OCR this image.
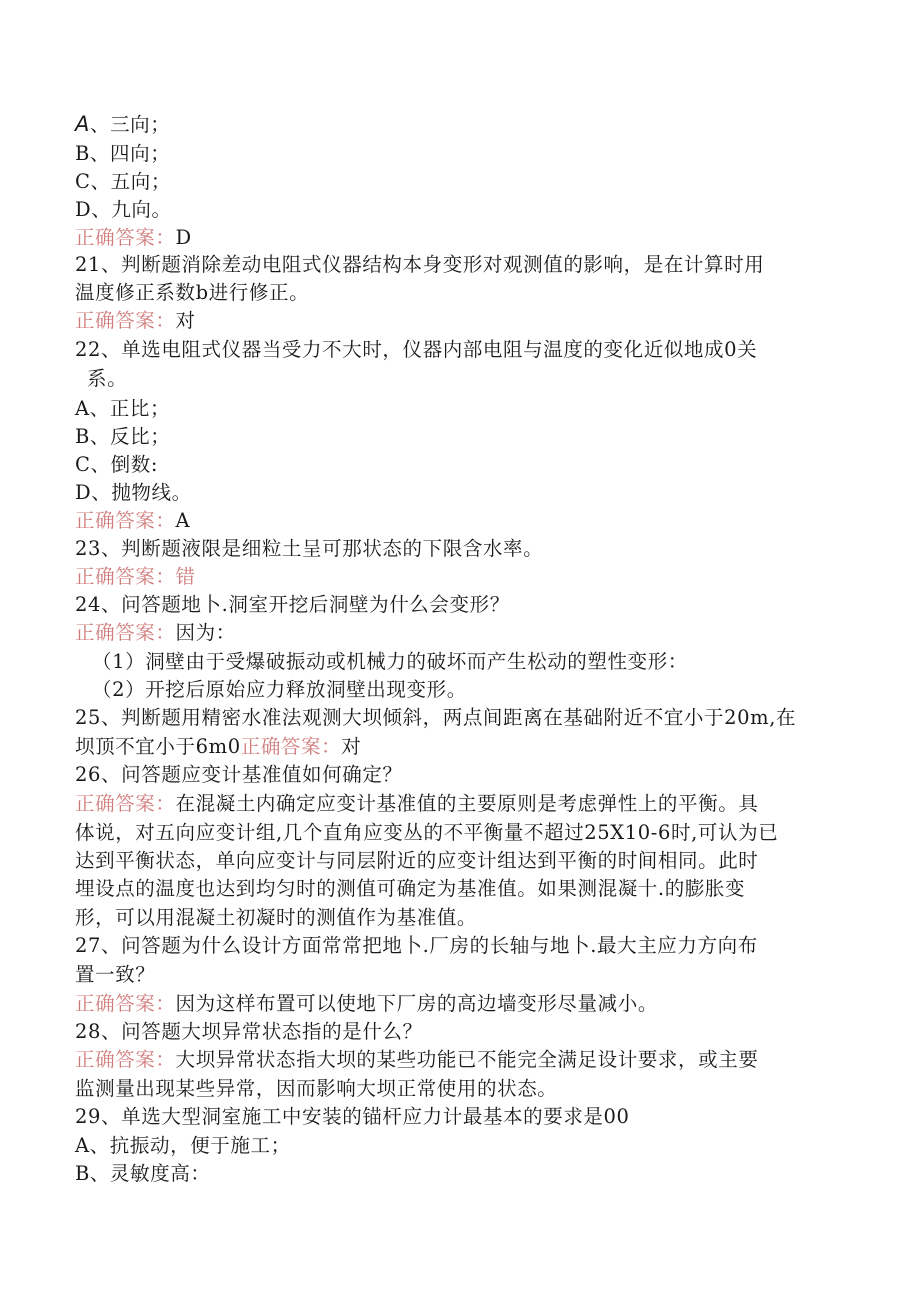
A、三向；
B、四向；
C、五向；
D、九向。
正确答案：D
21、判断题消除差动电阻式仪器结构本身变形对观测值的影响，是在计算时用
温度修正系数b进行修正。
正确答案：对
22、单选电阻式仪器当受力不大时，仪器内部电阻与温度的变化近似地成0关
系。
A、正比；
B、反比；
C、倒数:
D、抛物线。
正确答案：A
23、判断题液限是细粒土呈可那状态的下限含水率。
正确答案：错
24、问答题地卜.洞室开挖后洞壁为什么会变形？
正确答案：因为：
（1）洞壁由于受爆破振动或机械力的破坏而产生松动的塑性变形：
（2）开挖后原始应力释放洞壁出现变形。
25、判断题用精密水准法观测大坝倾斜，两点间距离在基础附近不宜小于20m,在
坝顶不宜小于6m0正确答案：对
26、问答题应变计基准值如何确定？
正确答案：在混凝土内确定应变计基准值的主要原则是考虑弹性上的平衡。具
体说，对五向应变计组,几个直角应变丛的不平衡量不超过25X10-6时,可认为已
达到平衡状态，单向应变计与同层附近的应变计组达到平衡的时间相同。此时
埋设点的温度也达到均匀时的测值可确定为基准值。如果测混凝十.的膨胀变
形，可以用混凝土初凝时的测值作为基准值。
27、问答题为什么设计方面常常把地卜.厂房的长轴与地卜.最大主应力方向布
置一致？
正确答案：因为这样布置可以使地下厂房的高边墙变形尽量减小。
28、问答题大坝异常状态指的是什么？
正确答案：大坝异常状态指大坝的某些功能已不能完全满足设计要求，或主要
监测量出现某些异常，因而影响大坝正常使用的状态。
29、单选大型洞室施工中安装的锚杆应力计最基本的要求是00
A、抗振动，便于施工；
B、灵敏度高：
